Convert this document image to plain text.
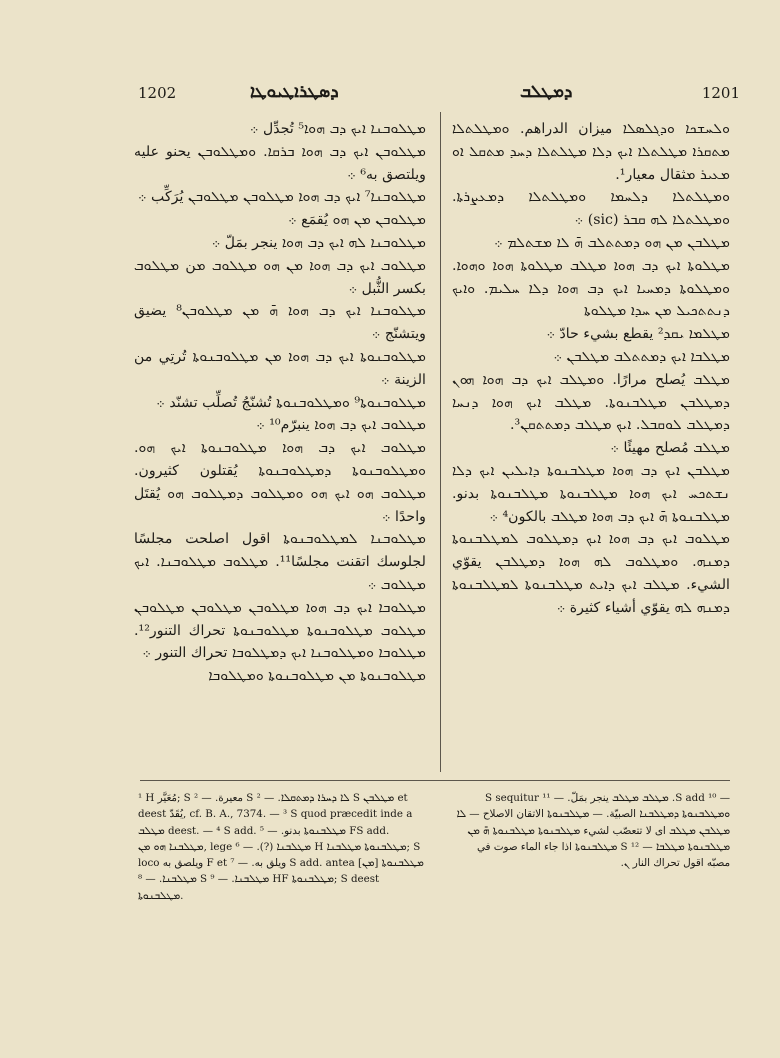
1202	ܕܣܛܪܐܛܝܘܛܐ	ܕܡܛܠܒ	1201

ܘܠܚܫܟܐ ܘܕܓܠܣܠܐ ميزان الدراهم. ܘܡܛܠܬܠܐ ܡܬܩܪܐ ܡܛܠܬܠܐ ܐܝܟ ܕܠܐ ܡܛܠܬܠܐ ܕܚܕ ܡܬܩܠ ܐܘ ܡܥܝܪ ܡثقال معيار¹.

ܘܡܛܠܬܠܐ ܕܠܚܡܐ ܘܡܛܠܬܠܐ ܕܡܥܨܪܬܐ. ܘܡܛܠܬܠܐ ܠܗ ܩܒܪ (sic) ܀

ܡܛܠܒܢ ܡܢ ܗܘ ܕܡܬܬܠܒ ܗ̄ ܠܐ ܡܫܬܠܡ ܀

ܡܛܠܘܬܐ ܐܝܟ ܕܒ ܗܘܐ ܡܛܠܒ ܡܛܠܘܬܐ ܗܘܐ ܘܗܘܐ. ܘܡܛܠܘܬܐ ܕܡܚܝܐ ܐܝܟ ܕܒ ܗܘܐ ܕܠܐ ܚܠܝܡ. ܘܐܝܟ ܕܢܬܬܟܝܠ ܡܢ ܚܕܐ ܡܛܠܘܬܐ

ܡܛܠܡܐ ܝܩܕ² يقطع بشيء حادّ ܀

ܡܛܠܒܐ ܐܝܟ ܕܡܬܬܠܒ ܡܛܠܒܢ ܀

ܡܛܠܒ يُصلح مرارًا. ܘܡܛܠܒ ܐܝܟ ܕܒ ܗܘܐ ܗܘܢ ܕܡܛܠܒܢ ܡܛܠܒܢܘܬܐ. ܡܛܠܒ ܐܝܟ ܗܘܐ ܕܢܚܐ ܕܡܛܠܒ ܠܘܩܒܠ. ܐܝܟ ܡܛܠܒ ܕܡܬܬܩܢ³.

ܡܛܠܒ مُصلح مهيئًا ܀

ܡܛܠܒܢ ܐܝܟ ܕܒ ܗܘܐ ܡܛܠܒܢܘܬܐ ܕܐܝܠܝܢ ܐܝܟ ܕܠܐ ܢܫܬܟܚ ܐܝܟ ܗܘܐ ܡܛܠܒܢܘܬܐ ܡܛܠܒܢܘܬܐ بدنو. ܡܛܠܒܢܘܬܐ ܗ̄ ܐܝܟ ܕܒ ܗܘܐ ܡܛܠܒ بالكون⁴ ܀

ܡܛܠܘܒ ܐܝܟ ܕܒ ܗܘܐ ܐܝܟ ܕܡܛܠܘܒ ܠܡܛܠܒܢܘܬܐ ܕܡܢܗ. ܘܡܛܠܘܒ ܠܗ ܗܘܐ ܕܡܛܠܒܢ يقوّي الشيء. ܡܛܠܒ ܐܝܟ ܕܐܝܬ ܡܛܠܒܢܘܬܐ ܠܡܛܠܒܢܘܬܐ ܕܡܢܗ ܠܗ يقوّي أشياء كثيرة ܀

ܡܛܠܘܒܢܐ ܐܝܟ ܕܒ ܗܘܐ⁵ تُجدِّل ܀

ܡܛܠܘܒܢ ܐܝܟ ܕܒ ܗܘܐ ܒܪܩܐ. ܘܡܛܠܘܒܢ يحنو عليه ويلتصق به⁶ ܀

ܡܛܠܘܒܢܐ⁷ ܐܝܟ ܕܒ ܗܘܐ ܡܛܠܘܒܢ ܡܛܠܘܒܢ يُرَكِّب ܀

ܡܛܠܘܒܢ ܡܢ ܗܘ يُقمَع ܀

ܡܛܠܘܒܢܐ ܠܗ ܐܝܟ ܕܒ ܗܘܐ ينجر بمَلّ ܀

ܡܛܠܘܒ ܐܝܟ ܕܒ ܗܘܐ ܡܢ ܗܘ ܡܛܠܘܒ ܡن ܡܛܠܘܒ بكسر الثُّبل ܀

ܡܛܠܘܒܢܐ ܐܝܟ ܕܒ ܗܘܐ ܗ̄ ܡܢ ܡܛܠܘܒܢ⁸ يضيق ويتشنّج ܀

ܡܛܠܘܒܢܘܬܐ ܐܝܟ ܕܒ ܗܘܐ ܡܢ ܡܛܠܘܒܢܘܬܐ تُرتِي من الزينة ܀

ܡܛܠܘܒܢܘܬܐ⁹ ܘܡܛܠܘܒܢܘܬܐ تُشنّجُ تُصلِّب تشنّد ܀

ܡܛܠܘܒ ܐܝܟ ܕܒ ܗܘܐ ينبرّم¹⁰ ܀

ܡܛܠܘܒ ܐܝܟ ܕܒ ܗܘܐ ܡܛܠܘܒܢܘܬܐ ܐܝܟ ܗܘ. ܘܡܛܠܘܒܢܘܬܐ ܕܡܛܠܘܒܢܘܬܐ يُقتلون كثيرون. ܡܛܠܘܒ ܗܘ ܐܝܟ ܗܘ ܘܡܛܠܘܒ ܕܡܛܠܘܒ ܗܘ يُقتَل واحدًا ܀

ܡܛܠܘܒܢܐ ܠܡܛܠܘܒܢܘܬܐ اقول اصلحت مجلسًا لجلوسك اتقنت مجلسًا¹¹. ܡܛܠܘܒ ܡܛܠܘܒܢܐ. ܐܝܟ ܡܛܠܘܒ ܀

ܡܛܠܘܒܐ ܐܝܟ ܕܒ ܗܘܐ ܡܛܠܘܒܢ ܡܛܠܘܒܢ ܡܛܠܘܒܢ ܡܛܠܘܒ ܡܛܠܘܒܢܘܬܐ ܡܛܠܘܒܢܘܬܐ تحراك التنور¹². ܡܛܠܘܒܐ ܘܡܛܠܘܒܢܐ ܐܝܟ ܕܡܛܠܘܒܐ تحراك التنور ܀

ܡܛܠܘܒܢܘܬܐ ܡܢ ܡܛܠܘܒܢܘܬܐ ܘܡܛܠܘܒܐ

¹ H مُعَيَّر; S معيرة. — ² S ܠܐ ܕܚܪܐ ܕܡܬܩܠܐ. — ² S ܡܛܠܒܢ et deest يُقَدّ, cf. B. A., 7374. — ³ S quod præcedit inde a ܡܛܠܒ deest. — ⁴ S add. ܡܛܠܒܢܘܬܐ بدنو. — ⁵ FS add. ܡܛܠܒܢܐ ܗܘ ܡܢ, lege ܡܛܠܒܢܐ (?). — ⁶ H ܡܛܠܒܢܘܬܐ ܡܛܠܒܢܐ; S loco ويلصق به F et ويلق به. — ⁷ S add. antea ܡܛܠܒܢܘܬܐ [ܡܢ] ܡܛܠܒܢܐ. — ⁸ S ܡܛܠܒܢܐ. — ⁹ HF ܡܛܠܒܢܘܬܐ; S deest ܡܛܠܒܢܘܬܐ.

— ¹⁰ S add. ܡܛܠܒ ܡܛܠܒ ينجر بمَلّ. — ¹¹ S sequitur ܘܡܛܠܒܢܘܬܐ ܕܡܛܠܒܢܐ الصبيّة. — ܡܛܠܒܢܘܬܐ الاتقان الاصلاح — ܠܐ ܡܛܠܒܢ ܡܛܠܒ اى لا تتعصّب لشيء ܡܛܠܒܢܘܬܐ ܡܛܠܒܢܘܬܐ ܗ̄ ܡܢ ܡܛܠܒܢܘܬܐ ܡܛܠܒܐ — ¹² S ܡܛܠܒܢܘܬܐ اذا جاء الماء صوت في مصبّه اقول تحراك النار ܢ.
